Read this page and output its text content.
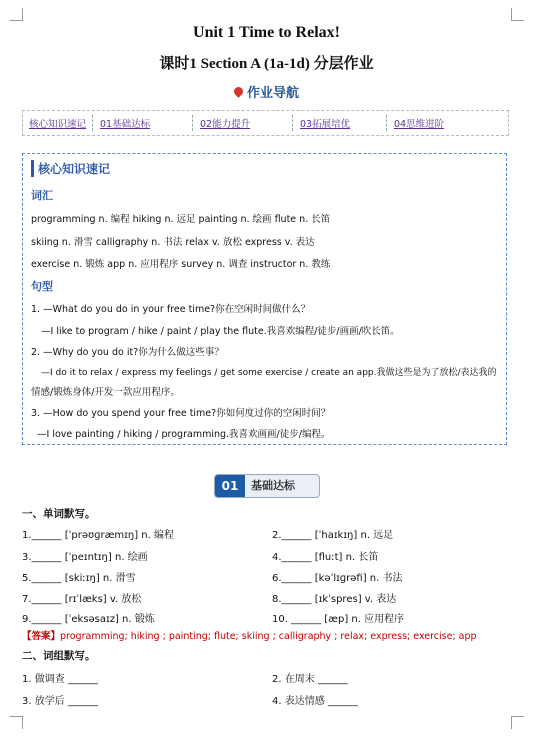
Unit 1 Time to Relax!
课时1 Section A (1a-1d) 分层作业
作业导航
核心知识速记	01基础达标	02能力提升	03拓展培优	04思维进阶
核心知识速记
词汇
programming n. 编程 hiking n. 远足 painting n. 绘画 flute n. 长笛
skiing n. 滑雪 calligraphy n. 书法 relax v. 放松 express v. 表达
exercise n. 锻炼 app n. 应用程序 survey n. 调查 instructor n. 教练
句型
1. —What do you do in your free time?你在空闲时间做什么？
—I like to program / hike / paint / play the flute.我喜欢编程/徒步/画画/吹长笛。
2. —Why do you do it?你为什么做这些事？
—I do it to relax / express my feelings / get some exercise / create an app.我做这些是为了放松/表达我的
情感/锻炼身体/开发一款应用程序。
3. —How do you spend your free time?你如何度过你的空闲时间？
—I love painting / hiking / programming.我喜欢画画/徒步/编程。
01	基础达标
一、单词默写。
1.______ [ˈprəʊɡræmɪŋ] n. 编程	2.______ [ˈhaɪkɪŋ] n. 远足
3.______ [ˈpeɪntɪŋ] n. 绘画	4.______ [fluːt] n. 长笛
5.______ [skiːɪŋ] n. 滑雪	6.______ [kəˈlɪɡrəfi] n. 书法
7.______ [rɪˈlæks] v. 放松	8.______ [ɪkˈspres] v. 表达
9.______ [ˈeksəsaɪz] n. 锻炼	10. ______ [æp] n. 应用程序
【答案】programming; hiking ; painting; flute; skiing ; calligraphy ; relax; express; exercise; app
二、词组默写。
1. 做调查 ______	2. 在周末 ______
3. 放学后 ______	4. 表达情感 ______
